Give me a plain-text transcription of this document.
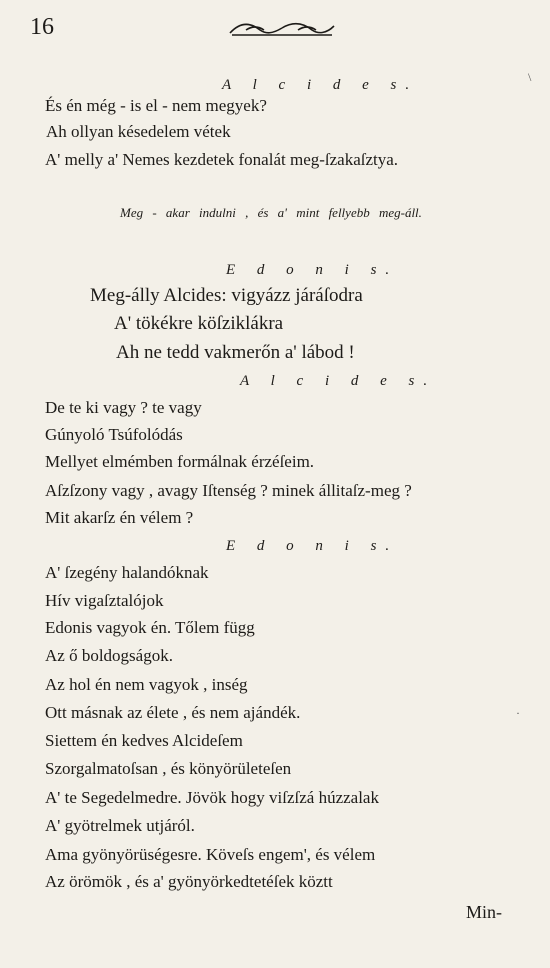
16
A l c i d e s.
És én még - is el - nem megyek?
Ah ollyan késedelem vétek
A' melly a' Nemes kezdetek fonalát meg-ſzakaſztya.
Meg - akar indulni , és a' mint fellyebb meg-áll.
E d o n i s.
Meg-álly Alcides: vigyázz járáſodra
A' tökékre köſziklákra
Ah ne tedd vakmerőn a' lábod !
A l c i d e s.
De te ki vagy ? te vagy
Gúnyoló Tsúfolódás
Mellyet elmémben formálnak érzéſeim.
Aſzſzony vagy , avagy Iſtenség ? minek állitaſz-meg ?
Mit akarſz én vélem ?
E d o n i s.
A' ſzegény halandóknak
Hív vigaſztalójok
Edonis vagyok én. Tőlem függ
Az ő boldogságok.
Az hol én nem vagyok , inség
Ott másnak az élete , és nem ajándék.
Siettem én kedves Alcideſem
Szorgalmatoſsan , és könyörületeſen
A' te Segedelmedre. Jövök hogy viſzſzá húzzalak
A' gyötrelmek utjáról.
Ama gyönyörüségesre. Köveſs engem', és vélem
Az örömök , és a' gyönyörkedtetéſek köztt
Min-
\
·
